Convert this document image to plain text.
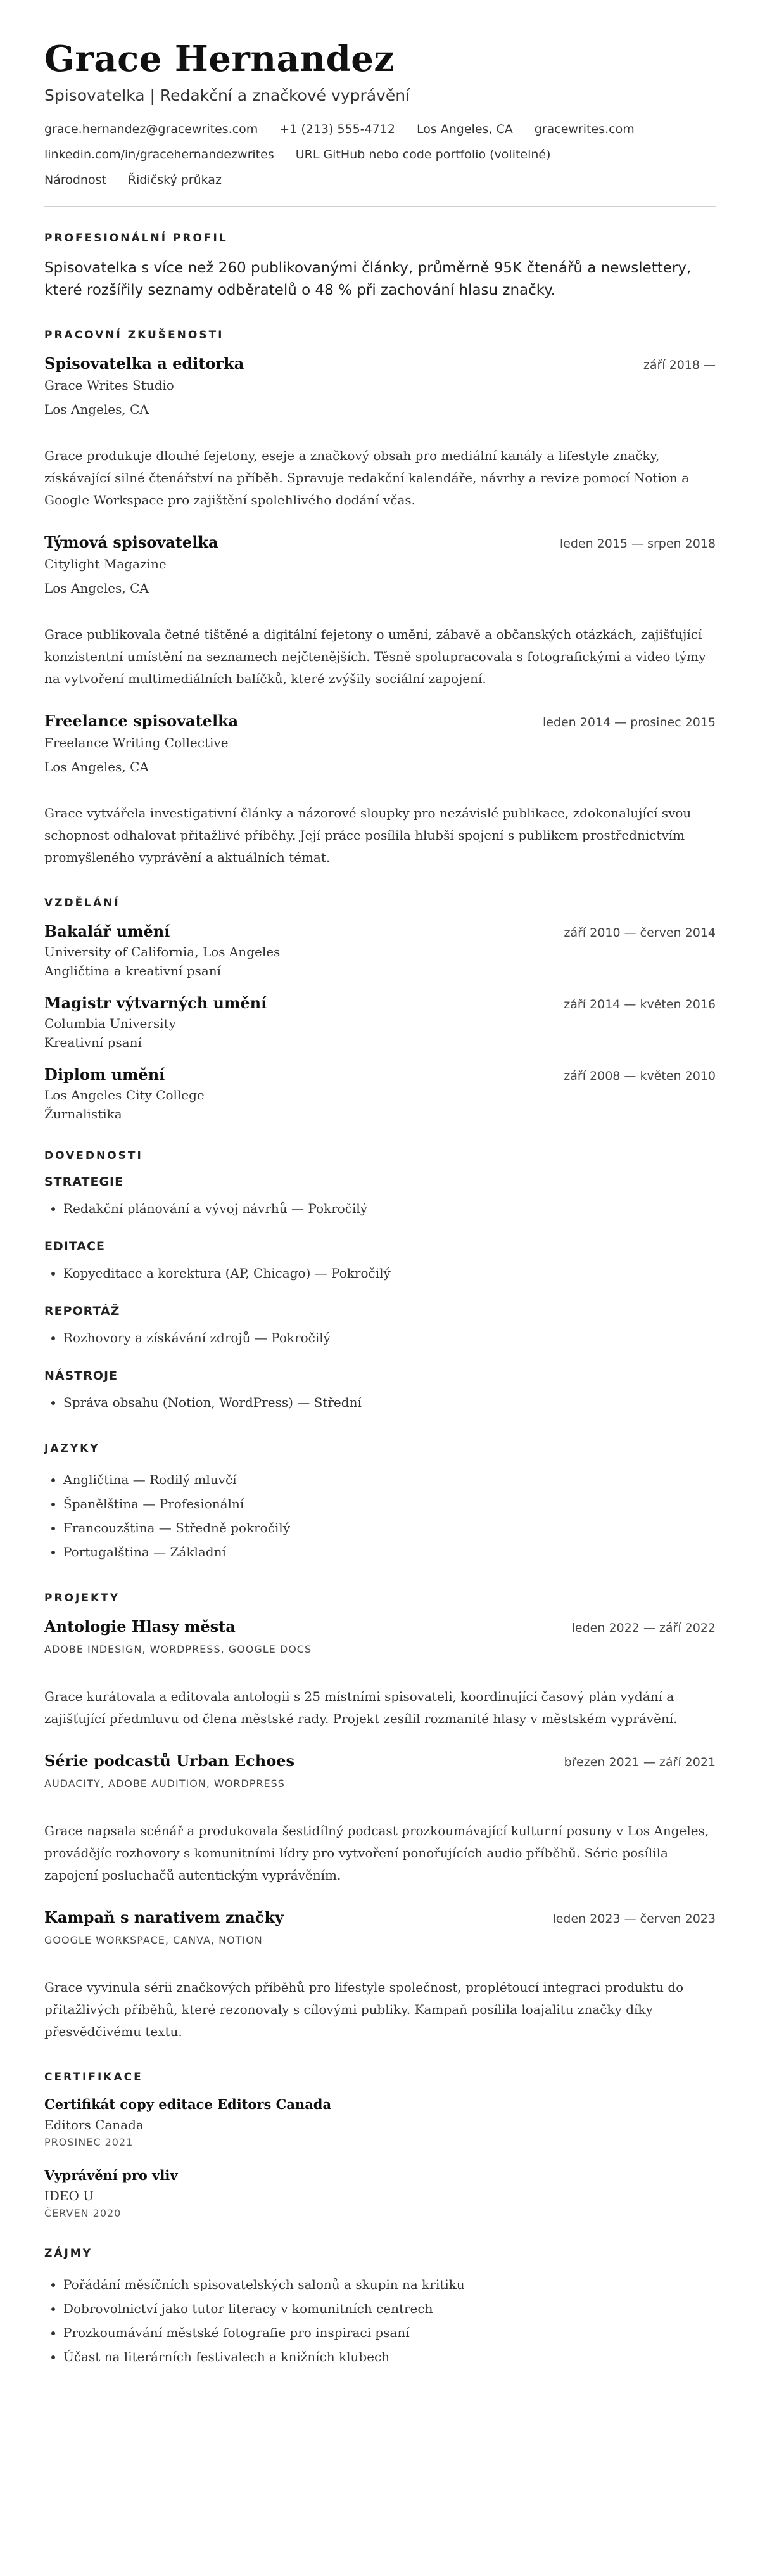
Grace Hernandez
Spisovatelka | Redakční a značkové vyprávění
grace.hernandez@gracewrites.com +1 (213) 555-4712 Los Angeles, CA gracewrites.com
linkedin.com/in/gracehernandezwrites URL GitHub nebo code portfolio (volitelné)
Národnost Řidičský průkaz
PROFESIONÁLNÍ PROFIL

Spisovatelka s více než 260 publikovanými články, průměrně 95K čtenářů a newslettery, které rozšířily seznamy odběratelů o 48 % při zachování hlasu značky.

PRACOVNÍ ZKUŠENOSTI
Spisovatelka a editorka	září 2018 —
Grace Writes Studio
Los Angeles, CA

Grace produkuje dlouhé fejetony, eseje a značkový obsah pro mediální kanály a lifestyle značky, získávající silné čtenářství na příběh. Spravuje redakční kalendáře, návrhy a revize pomocí Notion a Google Workspace pro zajištění spolehlivého dodání včas.

Týmová spisovatelka	leden 2015 — srpen 2018
Citylight Magazine
Los Angeles, CA

Grace publikovala četné tištěné a digitální fejetony o umění, zábavě a občanských otázkách, zajišťující konzistentní umístění na seznamech nejčtenějších. Těsně spolupracovala s fotografickými a video týmy na vytvoření multimediálních balíčků, které zvýšily sociální zapojení.

Freelance spisovatelka	leden 2014 — prosinec 2015
Freelance Writing Collective
Los Angeles, CA

Grace vytvářela investigativní články a názorové sloupky pro nezávislé publikace, zdokonalující svou schopnost odhalovat přitažlivé příběhy. Její práce posílila hlubší spojení s publikem prostřednictvím promyšleného vyprávění a aktuálních témat.

VZDĚLÁNÍ
Bakalář umění	září 2010 — červen 2014
University of California, Los Angeles
Angličtina a kreativní psaní
Magistr výtvarných umění	září 2014 — květen 2016
Columbia University
Kreativní psaní
Diplom umění	září 2008 — květen 2010
Los Angeles City College
Žurnalistika
DOVEDNOSTI
STRATEGIE
• Redakční plánování a vývoj návrhů — Pokročilý
EDITACE
• Kopyeditace a korektura (AP, Chicago) — Pokročilý
REPORTÁŽ
• Rozhovory a získávání zdrojů — Pokročilý
NÁSTROJE
• Správa obsahu (Notion, WordPress) — Střední
JAZYKY
• Angličtina — Rodilý mluvčí
• Španělština — Profesionální
• Francouzština — Středně pokročilý
• Portugalština — Základní
PROJEKTY
Antologie Hlasy města	leden 2022 — září 2022
ADOBE INDESIGN, WORDPRESS, GOOGLE DOCS

Grace kurátovala a editovala antologii s 25 místními spisovateli, koordinující časový plán vydání a zajišťující předmluvu od člena městské rady. Projekt zesílil rozmanité hlasy v městském vyprávění.

Série podcastů Urban Echoes	březen 2021 — září 2021
AUDACITY, ADOBE AUDITION, WORDPRESS

Grace napsala scénář a produkovala šestidílný podcast prozkoumávající kulturní posuny v Los Angeles, provádějíc rozhovory s komunitními lídry pro vytvoření ponořujících audio příběhů. Série posílila zapojení posluchačů autentickým vyprávěním.

Kampaň s narativem značky	leden 2023 — červen 2023
GOOGLE WORKSPACE, CANVA, NOTION

Grace vyvinula sérii značkových příběhů pro lifestyle společnost, proplétoucí integraci produktu do přitažlivých příběhů, které rezonovaly s cílovými publiky. Kampaň posílila loajalitu značky díky přesvědčivému textu.

CERTIFIKACE
Certifikát copy editace Editors Canada
Editors Canada
PROSINEC 2021
Vyprávění pro vliv
IDEO U
ČERVEN 2020
ZÁJMY
• Pořádání měsíčních spisovatelských salonů a skupin na kritiku
• Dobrovolnictví jako tutor literacy v komunitních centrech
• Prozkoumávání městské fotografie pro inspiraci psaní
• Účast na literárních festivalech a knižních klubech
